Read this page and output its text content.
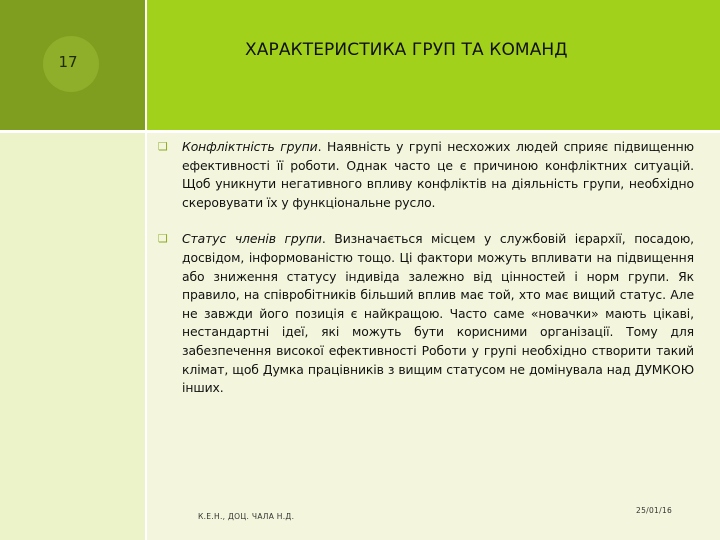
17
ХАРАКТЕРИСТИКА ГРУП ТА КОМАНД
❑ Конфліктність групи. Наявність у групі несхожих людей сприяє підвищенню ефективності її роботи. Однак часто це є причиною конфліктних ситуацій. Щоб уникнути негативного впливу конфліктів на діяльність групи, необхідно скеровувати їх у функціональне русло.
❑ Статус членів групи. Визначається місцем у службовій ієрархії, посадою, досвідом, інформованістю тощо. Ці фактори можуть впливати на підвищення або зниження статусу індивіда залежно від цінностей і норм групи. Як правило, на співробітників більший вплив має той, хто має вищий статус. Але не завжди його позиція є найкращою. Часто саме «новачки» мають цікаві, нестандартні ідеї, які можуть бути корисними організації. Тому для забезпечення високої ефективності Роботи у групі необхідно створити такий клімат, щоб Думка працівників з вищим статусом не домінувала над ДУМКОЮ інших.
К.Е.Н., ДОЦ. ЧАЛА Н.Д.
25/01/16
